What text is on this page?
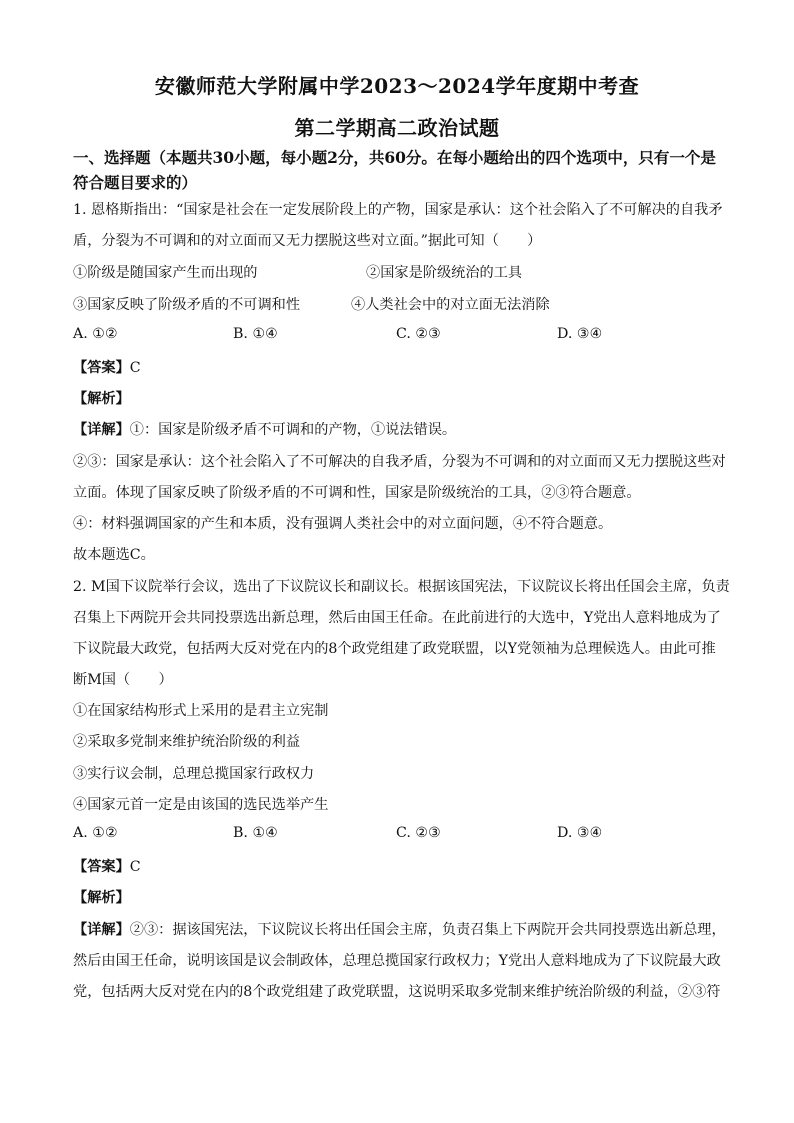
安徽师范大学附属中学2023～2024学年度期中考查
第二学期高二政治试题
一、选择题（本题共30小题，每小题2分，共60分。在每小题给出的四个选项中，只有一个是符合题目要求的）
1. 恩格斯指出：“国家是社会在一定发展阶段上的产物，国家是承认：这个社会陷入了不可解决的自我矛
盾，分裂为不可调和的对立面而又无力摆脱这些对立面。”据此可知（　　）
①阶级是随国家产生而出现的	②国家是阶级统治的工具
③国家反映了阶级矛盾的不可调和性	④人类社会中的对立面无法消除
A. ①②	B. ①④	C. ②③	D. ③④
【答案】C
【解析】
【详解】①：国家是阶级矛盾不可调和的产物，①说法错误。
②③：国家是承认：这个社会陷入了不可解决的自我矛盾，分裂为不可调和的对立面而又无力摆脱这些对
立面。体现了国家反映了阶级矛盾的不可调和性，国家是阶级统治的工具，②③符合题意。
④：材料强调国家的产生和本质，没有强调人类社会中的对立面问题，④不符合题意。
故本题选C。
2. M国下议院举行会议，选出了下议院议长和副议长。根据该国宪法，下议院议长将出任国会主席，负责
召集上下两院开会共同投票选出新总理，然后由国王任命。在此前进行的大选中，Y党出人意料地成为了
下议院最大政党，包括两大反对党在内的8个政党组建了政党联盟，以Y党领袖为总理候选人。由此可推
断M国（　　）
①在国家结构形式上采用的是君主立宪制
②采取多党制来维护统治阶级的利益
③实行议会制，总理总揽国家行政权力
④国家元首一定是由该国的选民选举产生
A. ①②	B. ①④	C. ②③	D. ③④
【答案】C
【解析】
【详解】②③：据该国宪法，下议院议长将出任国会主席，负责召集上下两院开会共同投票选出新总理，
然后由国王任命，说明该国是议会制政体，总理总揽国家行政权力；Y党出人意料地成为了下议院最大政
党，包括两大反对党在内的8个政党组建了政党联盟，这说明采取多党制来维护统治阶级的利益，②③符
